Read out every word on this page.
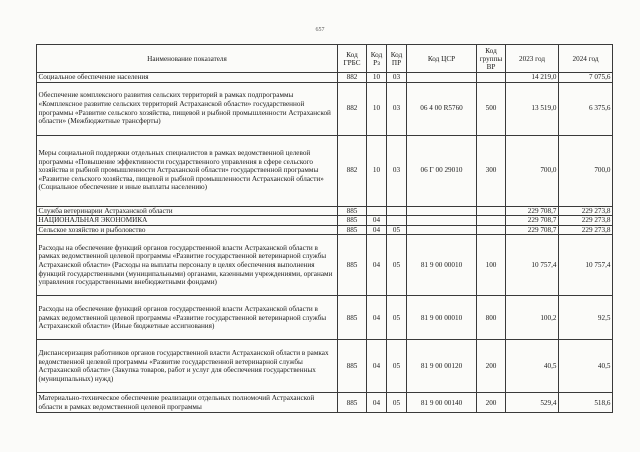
657
Наименование показателя	Код ГРБС	Код Рз	Код ПР	Код ЦСР	Код группы ВР	2023 год	2024 год
Социальное обеспечение населения	882	10	03			14 219,0	7 075,6
Обеспечение комплексного развития сельских территорий в рамках подпрограммы «Комплексное развитие сельских территорий Астраханской области» государственной программы «Развитие сельского хозяйства, пищевой и рыбной промышленности Астраханской области» (Межбюджетные трансферты)	882	10	03	06 4 00 R5760	500	13 519,0	6 375,6
Меры социальной поддержки отдельных специалистов в рамках ведомственной целевой программы «Повышение эффективности государственного управления в сфере сельского хозяйства и рыбной промышленности Астраханской области» государственной программы «Развитие сельского хозяйства, пищевой и рыбной промышленности Астраханской области» (Социальное обеспечение и иные выплаты населению)	882	10	03	06 Г 00 29010	300	700,0	700,0
Служба ветеринарии Астраханской области	885					229 708,7	229 273,8
НАЦИОНАЛЬНАЯ ЭКОНОМИКА	885	04				229 708,7	229 273,8
Сельское хозяйство и рыболовство	885	04	05			229 708,7	229 273,8
Расходы на обеспечение функций органов государственной власти Астраханской области в рамках ведомственной целевой программы «Развитие государственной ветеринарной службы Астраханской области» (Расходы на выплаты персоналу в целях обеспечения выполнения функций государственными (муниципальными) органами, казенными учреждениями, органами управления государственными внебюджетными фондами)	885	04	05	81 9 00 00010	100	10 757,4	10 757,4
Расходы на обеспечение функций органов государственной власти Астраханской области в рамках ведомственной целевой программы «Развитие государственной ветеринарной службы Астраханской области» (Иные бюджетные ассигнования)	885	04	05	81 9 00 00010	800	100,2	92,5
Диспансеризация работников органов государственной власти Астраханской области в рамках ведомственной целевой программы «Развитие государственной ветеринарной службы Астраханской области» (Закупка товаров, работ и услуг для обеспечения государственных (муниципальных) нужд)	885	04	05	81 9 00 00120	200	40,5	40,5
Материально-техническое обеспечение реализации отдельных полномочий Астраханской области в рамках ведомственной целевой программы	885	04	05	81 9 00 00140	200	529,4	518,6
